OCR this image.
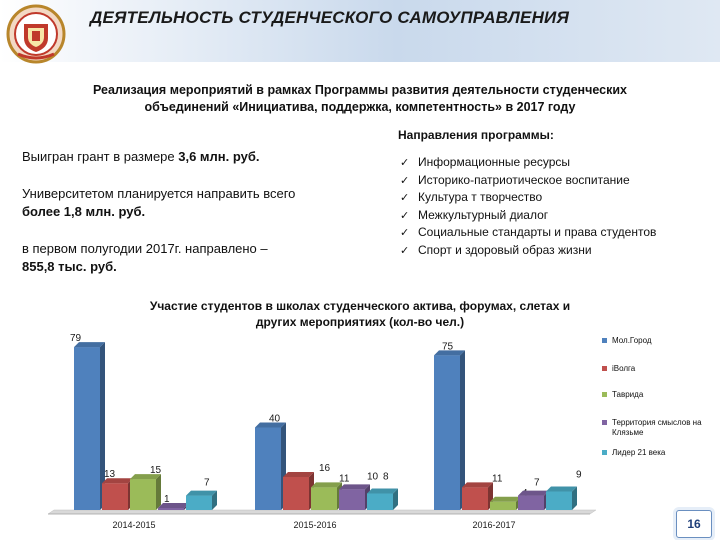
ДЕЯТЕЛЬНОСТЬ СТУДЕНЧЕСКОГО САМОУПРАВЛЕНИЯ
Реализация мероприятий в рамках Программы развития деятельности студенческих
объединений «Инициатива, поддержка, компетентность» в 2017 году
Выигран грант в размере 3,6 млн. руб.
Университетом планируется направить всего
более 1,8 млн. руб.
в первом полугодии 2017г. направлено –
855,8 тыс. руб.
Направления программы:
✓ Информационные ресурсы
✓ Историко-патриотическое воспитание
✓ Культура т творчество
✓ Межкультурный диалог
✓ Социальные стандарты и права студентов
✓ Спорт и здоровый образ жизни
Участие студентов в школах студенческого актива, форумах, слетах и
других мероприятиях (кол-во чел.)
79
13	15
1
7
2014-2015
40
16
11 10 8
2015-2016
75
11	7
9
2016-2017
Мол.Город
iВолга
Таврида
Территория смыслов на Клязьме
Лидер 21 века
16
